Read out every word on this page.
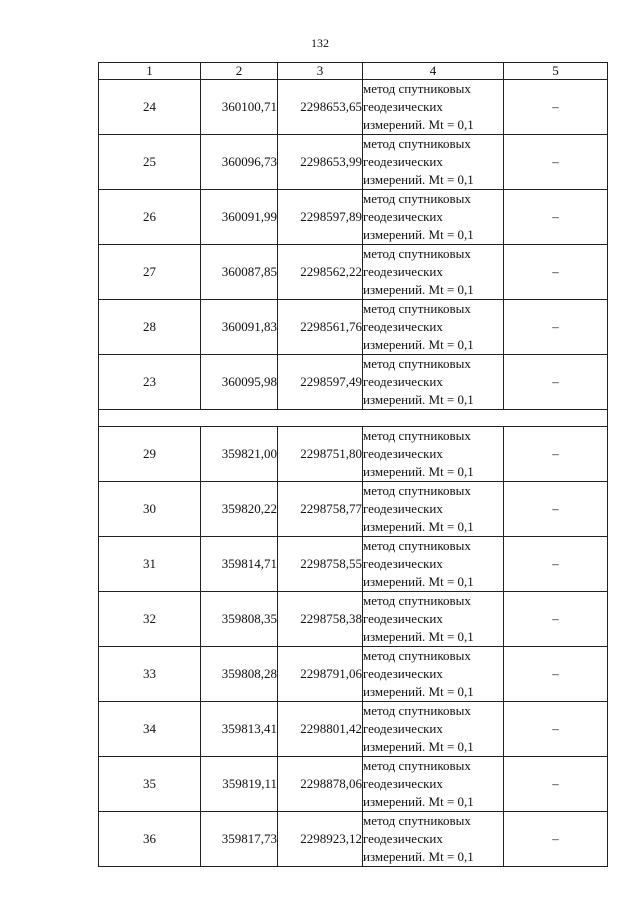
132
1	2	3	4	5
24	360100,71	2298653,65	метод спутниковых
геодезических
измерений. Mt = 0,1	–
25	360096,73	2298653,99	метод спутниковых
геодезических
измерений. Mt = 0,1	–
26	360091,99	2298597,89	метод спутниковых
геодезических
измерений. Mt = 0,1	–
27	360087,85	2298562,22	метод спутниковых
геодезических
измерений. Mt = 0,1	–
28	360091,83	2298561,76	метод спутниковых
геодезических
измерений. Mt = 0,1	–
23	360095,98	2298597,49	метод спутниковых
геодезических
измерений. Mt = 0,1	–

29	359821,00	2298751,80	метод спутниковых
геодезических
измерений. Mt = 0,1	–
30	359820,22	2298758,77	метод спутниковых
геодезических
измерений. Mt = 0,1	–
31	359814,71	2298758,55	метод спутниковых
геодезических
измерений. Mt = 0,1	–
32	359808,35	2298758,38	метод спутниковых
геодезических
измерений. Mt = 0,1	–
33	359808,28	2298791,06	метод спутниковых
геодезических
измерений. Mt = 0,1	–
34	359813,41	2298801,42	метод спутниковых
геодезических
измерений. Mt = 0,1	–
35	359819,11	2298878,06	метод спутниковых
геодезических
измерений. Mt = 0,1	–
36	359817,73	2298923,12	метод спутниковых
геодезических
измерений. Mt = 0,1	–
